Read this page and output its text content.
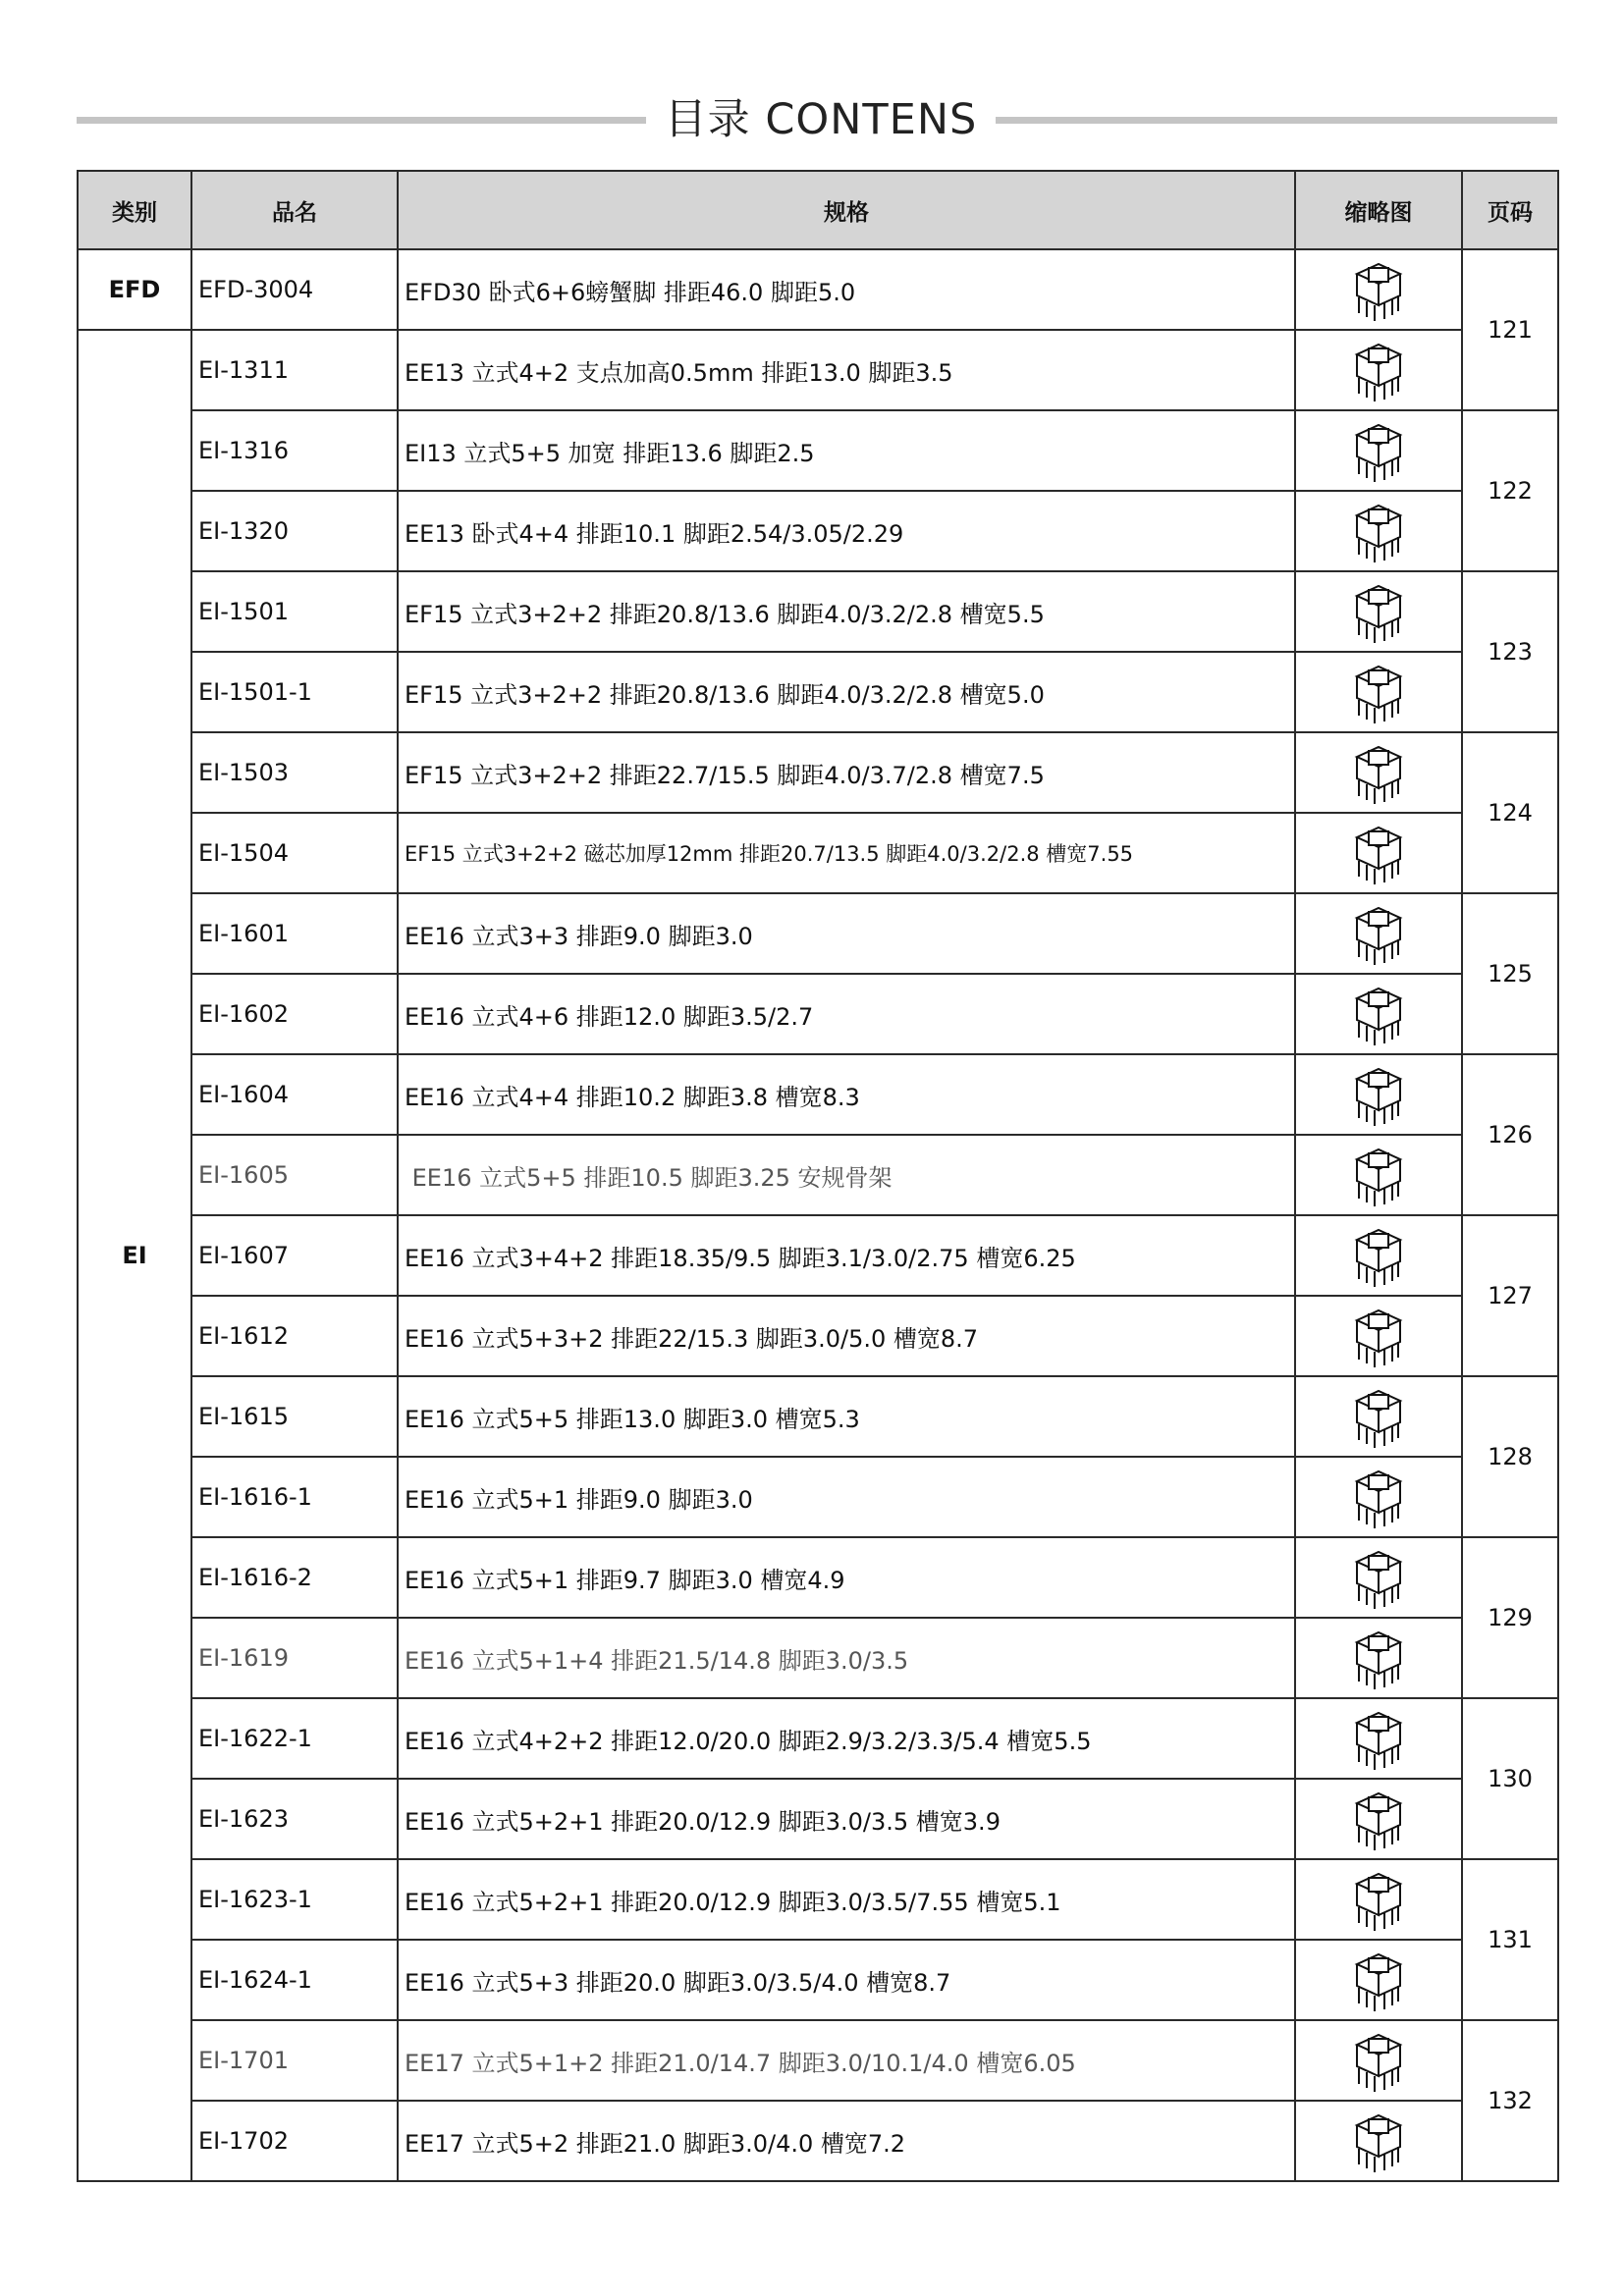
目录 CONTENS
类别	品名	规格	缩略图	页码
EFD	EFD-3004	EFD30 卧式6+6螃蟹脚 排距46.0 脚距5.0		121
EI	EI-1311	EE13 立式4+2 支点加高0.5mm 排距13.0 脚距3.5	

	EI-1316	EI13 立式5+5 加宽 排距13.6 脚距2.5		122
	EI-1320	EE13 卧式4+4 排距10.1 脚距2.54/3.05/2.29	

	EI-1501	EF15 立式3+2+2 排距20.8/13.6 脚距4.0/3.2/2.8 槽宽5.5		123
	EI-1501-1	EF15 立式3+2+2 排距20.8/13.6 脚距4.0/3.2/2.8 槽宽5.0	

	EI-1503	EF15 立式3+2+2 排距22.7/15.5 脚距4.0/3.7/2.8 槽宽7.5		124
	EI-1504	EF15 立式3+2+2 磁芯加厚12mm 排距20.7/13.5 脚距4.0/3.2/2.8 槽宽7.55	

	EI-1601	EE16 立式3+3 排距9.0 脚距3.0		125
	EI-1602	EE16 立式4+6 排距12.0 脚距3.5/2.7	

	EI-1604	EE16 立式4+4 排距10.2 脚距3.8 槽宽8.3		126
	EI-1605	EE16 立式5+5 排距10.5 脚距3.25 安规骨架	

	EI-1607	EE16 立式3+4+2 排距18.35/9.5 脚距3.1/3.0/2.75 槽宽6.25		127
	EI-1612	EE16 立式5+3+2 排距22/15.3 脚距3.0/5.0 槽宽8.7	

	EI-1615	EE16 立式5+5 排距13.0 脚距3.0 槽宽5.3		128
	EI-1616-1	EE16 立式5+1 排距9.0 脚距3.0	

	EI-1616-2	EE16 立式5+1 排距9.7 脚距3.0 槽宽4.9		129
	EI-1619	EE16 立式5+1+4 排距21.5/14.8 脚距3.0/3.5	

	EI-1622-1	EE16 立式4+2+2 排距12.0/20.0 脚距2.9/3.2/3.3/5.4 槽宽5.5		130
	EI-1623	EE16 立式5+2+1 排距20.0/12.9 脚距3.0/3.5 槽宽3.9	

	EI-1623-1	EE16 立式5+2+1 排距20.0/12.9 脚距3.0/3.5/7.55 槽宽5.1		131
	EI-1624-1	EE16 立式5+3 排距20.0 脚距3.0/3.5/4.0 槽宽8.7	

	EI-1701	EE17 立式5+1+2 排距21.0/14.7 脚距3.0/10.1/4.0 槽宽6.05		132
	EI-1702	EE17 立式5+2 排距21.0 脚距3.0/4.0 槽宽7.2	
